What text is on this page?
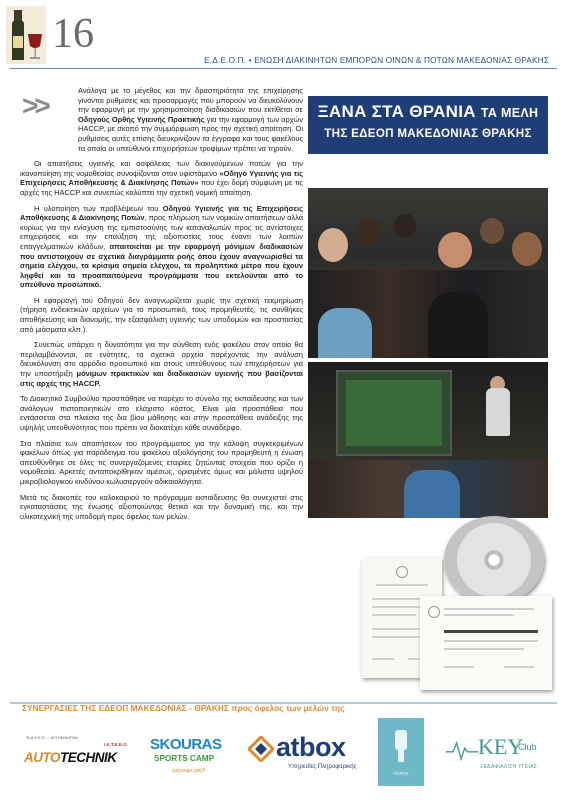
16
Ε.Δ.Ε.Ο.Π. • ΕΝΩΣΗ ΔΙΑΚΙΝΗΤΩΝ ΕΜΠΟΡΩΝ ΟΙΝΩΝ & ΠΟΤΩΝ ΜΑΚΕΔΟΝΙΑΣ ΘΡΑΚΗΣ
>>	Ανάλογα με το μέγεθος και την δραστηριότητα της επιχείρησης γίνονται ρυθμίσεις και προσαρμογές που μπορούν να διευκολύνουν την εφαρμογή με την χρησιμοποίηση διαδικασιών που εκτίθεται σε Οδηγούς Ορθής Υγιεινής Πρακτικής για την εφαρμογή των αρχών HACCP, με σκοπό την συμμόρφωση προς την σχετική απαίτηση. Οι ρυθμίσεις αυτές επίσης διευκρινίζουν τα έγγραφα και τους φακέλους τα οποία οι υπεύθυνοι επιχειρήσεων τροφίμων πρέπει να τηρούν.

Οι απαιτήσεις υγιεινής και ασφάλειας των διακινούμενων ποτών για την ικανοποίηση της νομοθεσίας συνοψίζονται στον υφιστάμενο «Οδηγό Υγιεινής για τις Επιχειρήσεις Αποθήκευσης & Διακίνησης Ποτών» που έχει δομή σύμφωνη με τις αρχές της HACCP και συνεπώς καλύπτει την σχετική νομική απαίτηση.

Η υλοποίηση των προβλέψεων του Οδηγού Υγιεινής για τις Επιχειρήσεις Αποθήκευσης & Διακίνησης Ποτών, προς πλήρωση των νομικών απαιτήσεων αλλά κυρίως για την ενίσχυση της εμπιστοσύνης των καταναλωτών προς τις αντίστοιχες επιχειρήσεις και την επαύξηση της αξιοπιστίας τους έναντι των λοιπών επαγγελματικών κλάδων, απαιτοιείται με την εφαρμογή μόνιμων διαδικασιών που αντιστοιχούν σε σχετικά διαγράμματα ροής όπου έχουν αναγνωρισθεί τα σημεία ελέγχου, τα κρίσιμα σημεία ελέγχου, τα προληπτικά μέτρα που έχουν ληφθεί και τα προαπαιτούμενα προγράμματα που εκτελούνται από το υπεύθυνο προσωπικό.

Η εφαρμογή του Οδηγού δεν αναγνωρίζεται χωρίς την σχετική τεκμηρίωση (τήρηση ενδεικτικών αρχείων για το προσωπικό, τους προμηθευτές, τις συνθήκες αποθήκευσης και διανομής, την εξασφάλιση υγιεινής των υποδομών και προστασίας από μιάσματα κλπ.).

Συνεπώς υπάρχει η δυνατότητα για την σύνθεση ενός φακέλου στον οποίο θα περιλαμβάνονται, σε ενότητες, τα σχετικά αρχεία παρέχοντας την ανάλυση διευκόλυνση στο αρμόδιο προσωπικό και στους υπεύθυνους των επιχειρήσεων για την υποστήριξη μόνιμων πρακτικών και διαδικασιών υγιεινής που βασίζονται στις αρχές της HACCP.

Το Διοικητικό Συμβούλιο προσπάθησε να παρέχει το σύνολο της εκπαίδευσης και των ανάλογων πιστοποιητικών στο ελάχιστο κόστος. Είναι μία προσπάθεια που εντάσσεται στα πλαίσια της δια βίου μάθησης και στην προσπάθεια ανάδειξης της υψηλής υπευθυνότητας που πρέπει να διακατέχει κάθε συνάδερφο.

Στα πλαίσια των απαιτήσεων του προγράμματος για την κάλυψη συγκεκριμένων φακέλων όπως για παράδειγμα του φακέλου αξιολόγησης του προμηθευτή η ένωση απευθύνθηκε σε όλες τις συνεργαζόμενες εταιρίες ζητώντας στοιχεία που ορίζει η νομοθεσία. Αρκετές ανταποκρίθηκαν αμέσως, ορισμένες όμως και μάλιστα υψηλού μικροβιολογικού κινδύνου κωλυσιεργούν αδικαιολόγητα.

Μετά τις διακοπές του καλοκαιριού το πρόγραμμα εκπαίδευσης θα συνεχιστεί στις εγκαταστάσεις της ένωσης αξιοποιώντας θετικά και την δυναμική της, και την υλικοτεχνική της υποδομή προς όφελος των μελών.

ΞΑΝΑ ΣΤΑ ΘΡΑΝΙΑ ΤΑ ΜΕΛΗ
ΤΗΣ ΕΔΕΟΠ ΜΑΚΕΔΟΝΙΑΣ ΘΡΑΚΗΣ
ΣΥΝΕΡΓΑΣΙΕΣ ΤΗΣ ΕΔΕΟΠ ΜΑΚΕΔΟΝΙΑΣ - ΘΡΑΚΗΣ προς όφελος των μελών της
Το Α.Ε.Ε.Ο. ... ΑΥΤΟΚΙΝΗΤΩΝ
Ι.Κ.Τ.Ε.Ε.Ο.
AUTOTECHNIK
SKOURAS
SPORTS CAMP
τρέχουμε μαζί!
atbox
Υπηρεσίες Πληροφορικής
ΠΑΡΟΥ
KEY
Club
ΞΕΔΑΦΙΑΛΙΣΗ ΥΓΕΙΑΣ
